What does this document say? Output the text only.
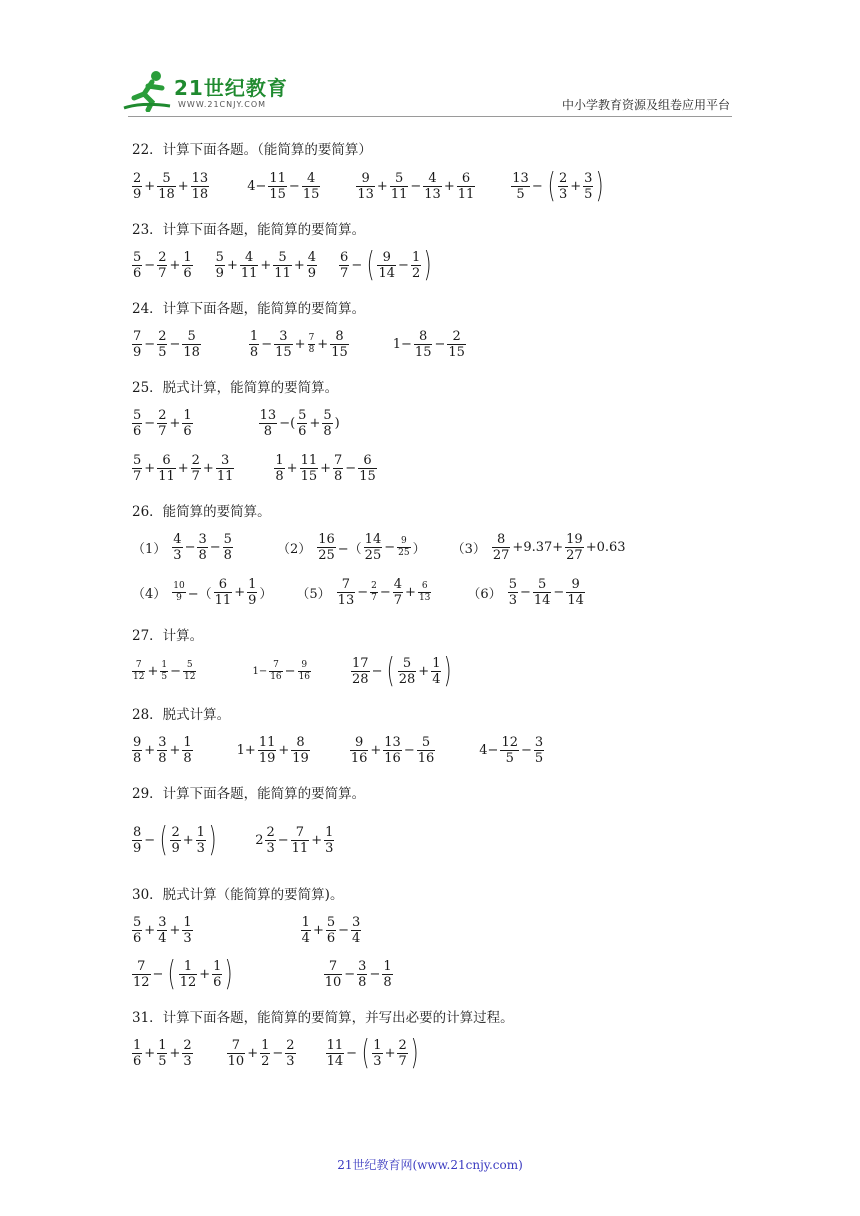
21世纪教育
WWW.21CNJY.COM	中小学教育资源及组卷应用平台
22．计算下面各题。（能简算的要简算）
$\frac{2}{9} + \frac{5}{18} + \frac{13}{18}$	$4- \frac{11}{15} - \frac{4}{15}$	$\frac{9}{13} + \frac{5}{11} - \frac{4}{13} + \frac{6}{11}$	$\frac{13}{5}$ − ( $\frac{2}{3} + \frac{3}{5}$ )
23．计算下面各题，能简算的要简算。
$\frac{5}{6} - \frac{2}{7} + \frac{1}{6} \frac{5}{9} + \frac{4}{11} + \frac{5}{11} + \frac{4}{9} \frac{6}{7}$ − ( $\frac{9}{14} - \frac{1}{2}$ )
24．计算下面各题，能简算的要简算。
$\frac{7}{9} - \frac{2}{5} - \frac{5}{18}$	$\frac{1}{8} - \frac{3}{15} + \frac{7}{8} + \frac{8}{15}$	$1- \frac{8}{15} - \frac{2}{15}$
25．脱式计算，能简算的要简算。
$\frac{5}{6} - \frac{2}{7} + \frac{1}{6}$	$\frac{13}{8}$ −( $\frac{5}{6} + \frac{5}{8}$ )
$\frac{5}{7} + \frac{6}{11} + \frac{2}{7} + \frac{3}{11}$	$\frac{1}{8} + \frac{11}{15} + \frac{7}{8} - \frac{6}{15}$
26．能简算的要简算。
$(1) \frac{4}{3} - \frac{3}{8} - \frac{5}{8}$	$(2) \frac{16}{25}$ −（ $\frac{14}{25} - \frac{9}{25}$ ） $(3) \frac{8}{27} +9.37+ \frac{19}{27} +0.63$
$(4) \frac{10}{9}$ −（ $\frac{6}{11} + \frac{1}{9}$ ） $(5) \frac{7}{13} - \frac{2}{7} - \frac{4}{7} + \frac{6}{13}$	$(6) \frac{5}{3} - \frac{5}{14} - \frac{9}{14}$
27．计算。
$\frac{7}{12} + \frac{1}{5} - \frac{5}{12}$	$1- \frac{7}{16} - \frac{9}{16}$	$\frac{17}{28}$ − ( $\frac{5}{28} + \frac{1}{4}$ )
28．脱式计算。
$\frac{9}{8} + \frac{3}{8} + \frac{1}{8}$	$1+ \frac{11}{19} + \frac{8}{19}$	$\frac{9}{16} + \frac{13}{16} - \frac{5}{16}$	$4- \frac{12}{5} - \frac{3}{5}$
29．计算下面各题，能简算的要简算。
$\frac{8}{9}$ − ( $\frac{2}{9} + \frac{1}{3}$ )	$2 \frac{2}{3} - \frac{7}{11} + \frac{1}{3}$
30．脱式计算（能简算的要简算)。
$\frac{5}{6} + \frac{3}{4} + \frac{1}{3}$	$\frac{1}{4} + \frac{5}{6} - \frac{3}{4}$
$\frac{7}{12}$ − ( $\frac{1}{12} + \frac{1}{6}$ )	$\frac{7}{10} - \frac{3}{8} - \frac{1}{8}$
31．计算下面各题，能简算的要简算，并写出必要的计算过程。
$\frac{1}{6} + \frac{1}{5} + \frac{2}{3}$	$\frac{7}{10} + \frac{1}{2} - \frac{2}{3} \frac{11}{14}$ − ( $\frac{1}{3} + \frac{2}{7}$ )
21世纪教育网(www.21cnjy.com)
